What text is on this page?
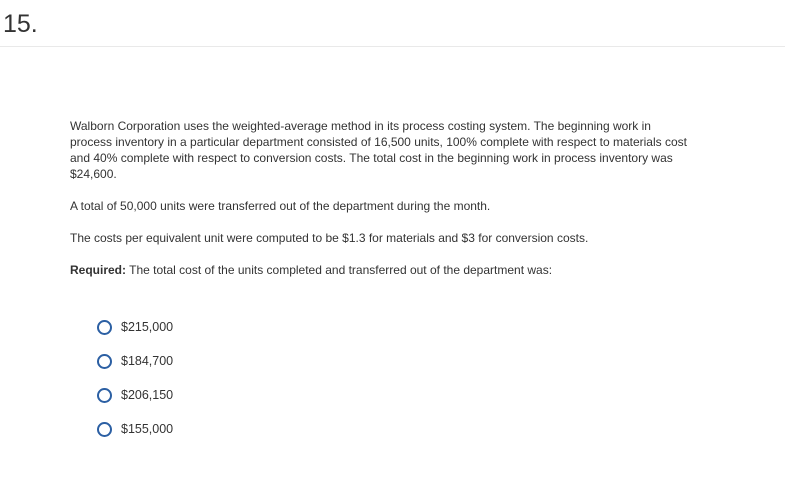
15.

Walborn Corporation uses the weighted-average method in its process costing system. The beginning work in process inventory in a particular department consisted of 16,500 units, 100% complete with respect to materials cost and 40% complete with respect to conversion costs. The total cost in the beginning work in process inventory was $24,600.

A total of 50,000 units were transferred out of the department during the month.

The costs per equivalent unit were computed to be $1.3 for materials and $3 for conversion costs.

Required: The total cost of the units completed and transferred out of the department was:

$215,000
$184,700
$206,150
$155,000
